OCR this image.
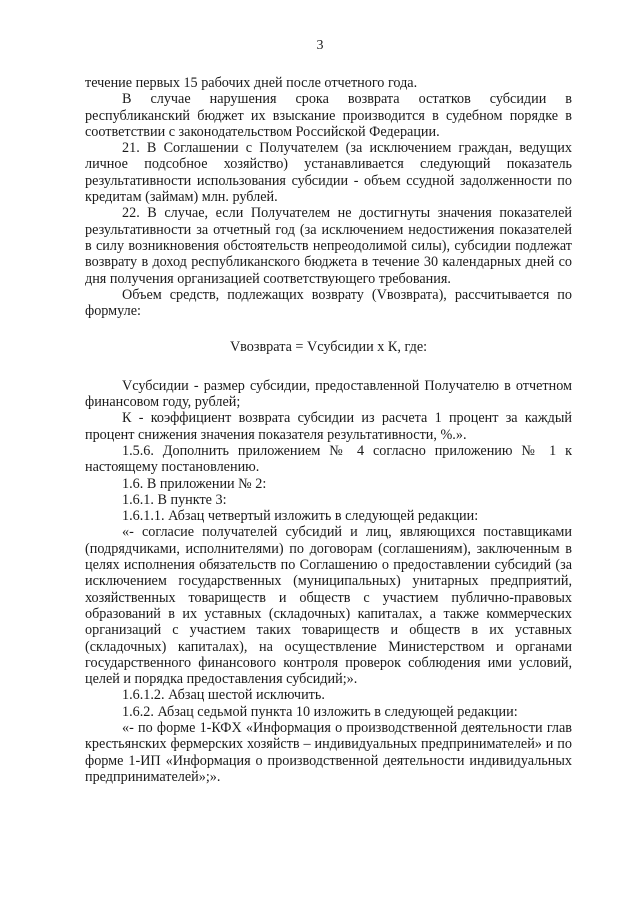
3

течение первых 15 рабочих дней после отчетного года.

В случае нарушения срока возврата остатков субсидии в республиканский бюджет их взыскание производится в судебном порядке в соответствии с законодательством Российской Федерации.

21. В Соглашении с Получателем (за исключением граждан, ведущих личное подсобное хозяйство) устанавливается следующий показатель результативности использования субсидии - объем ссудной задолженности по кредитам (займам) млн. рублей.

22. В случае, если Получателем не достигнуты значения показателей результативности за отчетный год (за исключением недостижения показателей в силу возникновения обстоятельств непреодолимой силы), субсидии подлежат возврату в доход республиканского бюджета в течение 30 календарных дней со дня получения организацией соответствующего требования.

Объем средств, подлежащих возврату (Vвозврата), рассчитывается по формуле:

Vвозврата = Vсубсидии x К, где:

Vсубсидии - размер субсидии, предоставленной Получателю в отчетном финансовом году, рублей;

К - коэффициент возврата субсидии из расчета 1 процент за каждый процент снижения значения показателя результативности, %.».

1.5.6. Дополнить приложением № 4 согласно приложению № 1 к настоящему постановлению.

1.6. В приложении № 2:

1.6.1. В пункте 3:

1.6.1.1. Абзац четвертый изложить в следующей редакции:

«- согласие получателей субсидий и лиц, являющихся поставщиками (подрядчиками, исполнителями) по договорам (соглашениям), заключенным в целях исполнения обязательств по Соглашению о предоставлении субсидий (за исключением государственных (муниципальных) унитарных предприятий, хозяйственных товариществ и обществ с участием публично-правовых образований в их уставных (складочных) капиталах, а также коммерческих организаций с участием таких товариществ и обществ в их уставных (складочных) капиталах), на осуществление Министерством и органами государственного финансового контроля проверок соблюдения ими условий, целей и порядка предоставления субсидий;».

1.6.1.2. Абзац шестой исключить.

1.6.2. Абзац седьмой пункта 10 изложить в следующей редакции:

«- по форме 1-КФХ «Информация о производственной деятельности глав крестьянских фермерских хозяйств – индивидуальных предпринимателей» и по форме 1-ИП «Информация о производственной деятельности индивидуальных предпринимателей»;».
